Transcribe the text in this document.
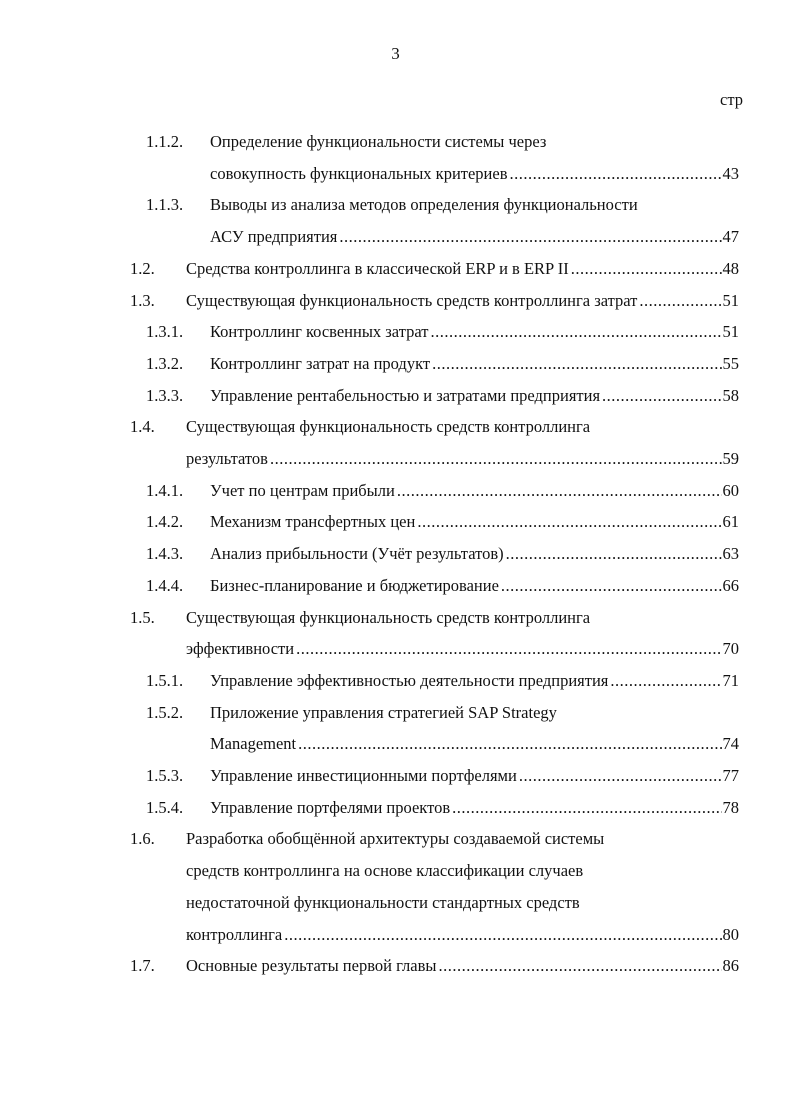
3
стр
1.1.2. Определение функциональности системы через
совокупность функциональных критериев .....	43
1.1.3. Выводы из анализа методов определения функциональности
АСУ предприятия .....	47
1.2. Средства контроллинга в классической ERP и в ERP II .....	48
1.3. Существующая функциональность средств контроллинга затрат .....	51
1.3.1. Контроллинг косвенных затрат .....	51
1.3.2. Контроллинг затрат на продукт .....	55
1.3.3. Управление рентабельностью и затратами предприятия .....	58
1.4. Существующая функциональность средств контроллинга
результатов .....	59
1.4.1. Учет по центрам прибыли .....	60
1.4.2. Механизм трансфертных цен .....	61
1.4.3. Анализ прибыльности (Учёт результатов) .....	63
1.4.4. Бизнес-планирование и бюджетирование .....	66
1.5. Существующая функциональность средств контроллинга
эффективности .....	70
1.5.1. Управление эффективностью деятельности предприятия .....	71
1.5.2. Приложение управления стратегией SAP Strategy
Management .....	74
1.5.3. Управление инвестиционными портфелями .....	77
1.5.4. Управление портфелями проектов .....	78
1.6. Разработка обобщённой архитектуры создаваемой системы
средств контроллинга на основе классификации случаев
недостаточной функциональности стандартных средств
контроллинга .....	80
1.7. Основные результаты первой главы .....	86
